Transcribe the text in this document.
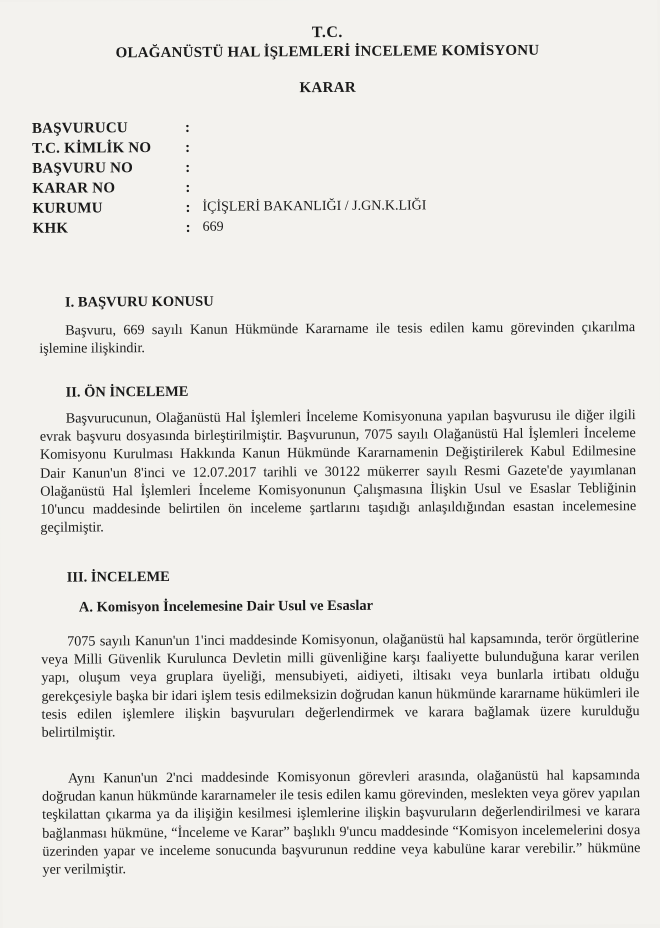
T.C.
OLAĞANÜSTÜ HAL İŞLEMLERİ İNCELEME KOMİSYONU
KARAR
BAŞVURUCU	:
T.C. KİMLİK NO :
BAŞVURU NO	:
KARAR NO	:
KURUMU	: İÇİŞLERİ BAKANLIĞI / J.GN.K.LIĞI
KHK	: 669
I. BAŞVURU KONUSU
Başvuru, 669 sayılı Kanun Hükmünde Kararname ile tesis edilen kamu görevinden çıkarılma işlemine ilişkindir.
II. ÖN İNCELEME
Başvurucunun, Olağanüstü Hal İşlemleri İnceleme Komisyonuna yapılan başvurusu ile diğer ilgili evrak başvuru dosyasında birleştirilmiştir. Başvurunun, 7075 sayılı Olağanüstü Hal İşlemleri İnceleme Komisyonu Kurulması Hakkında Kanun Hükmünde Kararnamenin Değiştirilerek Kabul Edilmesine Dair Kanun'un 8'inci ve 12.07.2017 tarihli ve 30122 mükerrer sayılı Resmi Gazete'de yayımlanan Olağanüstü Hal İşlemleri İnceleme Komisyonunun Çalışmasına İlişkin Usul ve Esaslar Tebliğinin 10'uncu maddesinde belirtilen ön inceleme şartlarını taşıdığı anlaşıldığından esastan incelemesine geçilmiştir.
III. İNCELEME
A. Komisyon İncelemesine Dair Usul ve Esaslar
7075 sayılı Kanun'un 1'inci maddesinde Komisyonun, olağanüstü hal kapsamında, terör örgütlerine veya Milli Güvenlik Kurulunca Devletin milli güvenliğine karşı faaliyette bulunduğuna karar verilen yapı, oluşum veya gruplara üyeliği, mensubiyeti, aidiyeti, iltisakı veya bunlarla irtibatı olduğu gerekçesiyle başka bir idari işlem tesis edilmeksizin doğrudan kanun hükmünde kararname hükümleri ile tesis edilen işlemlere ilişkin başvuruları değerlendirmek ve karara bağlamak üzere kurulduğu belirtilmiştir.
Aynı Kanun'un 2'nci maddesinde Komisyonun görevleri arasında, olağanüstü hal kapsamında doğrudan kanun hükmünde kararnameler ile tesis edilen kamu görevinden, meslekten veya görev yapılan teşkilattan çıkarma ya da ilişiğin kesilmesi işlemlerine ilişkin başvuruların değerlendirilmesi ve karara bağlanması hükmüne, “İnceleme ve Karar” başlıklı 9'uncu maddesinde “Komisyon incelemelerini dosya üzerinden yapar ve inceleme sonucunda başvurunun reddine veya kabulüne karar verebilir.” hükmüne yer verilmiştir.
